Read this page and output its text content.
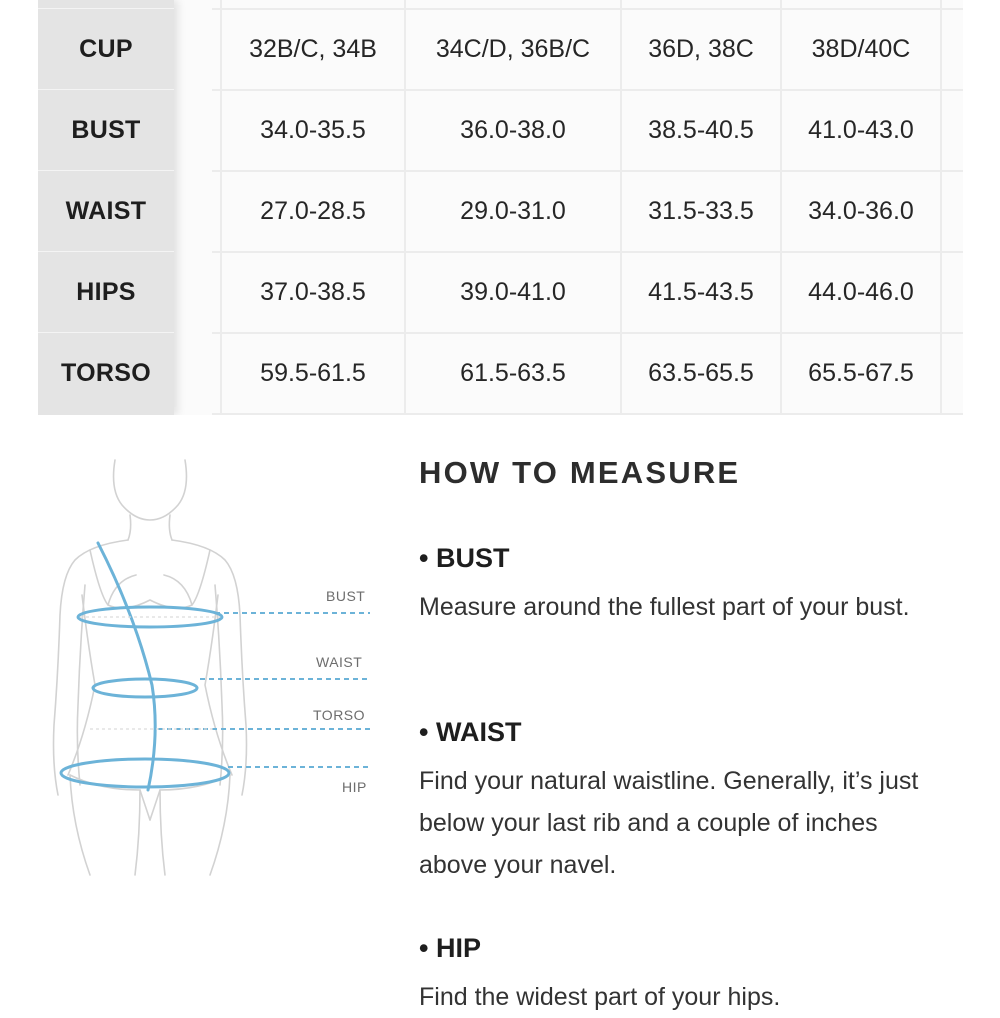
32B/C, 34B
34.0-35.5
27.0-28.5
37.0-38.5
59.5-61.5
34C/D, 36B/C
36.0-38.0
29.0-31.0
39.0-41.0
61.5-63.5
36D, 38C
38.5-40.5
31.5-33.5
41.5-43.5
63.5-65.5
38D/40C
41.0-43.0
34.0-36.0
44.0-46.0
65.5-67.5
CUP
BUST
WAIST
HIPS
TORSO
BUST
WAIST
TORSO
HIP
HOW TO MEASURE
• BUST
Measure around the fullest part of your bust.
• WAIST
Find your natural waistline. Generally, it’s just below your last rib and a couple of inches above your navel.
• HIP
Find the widest part of your hips.
